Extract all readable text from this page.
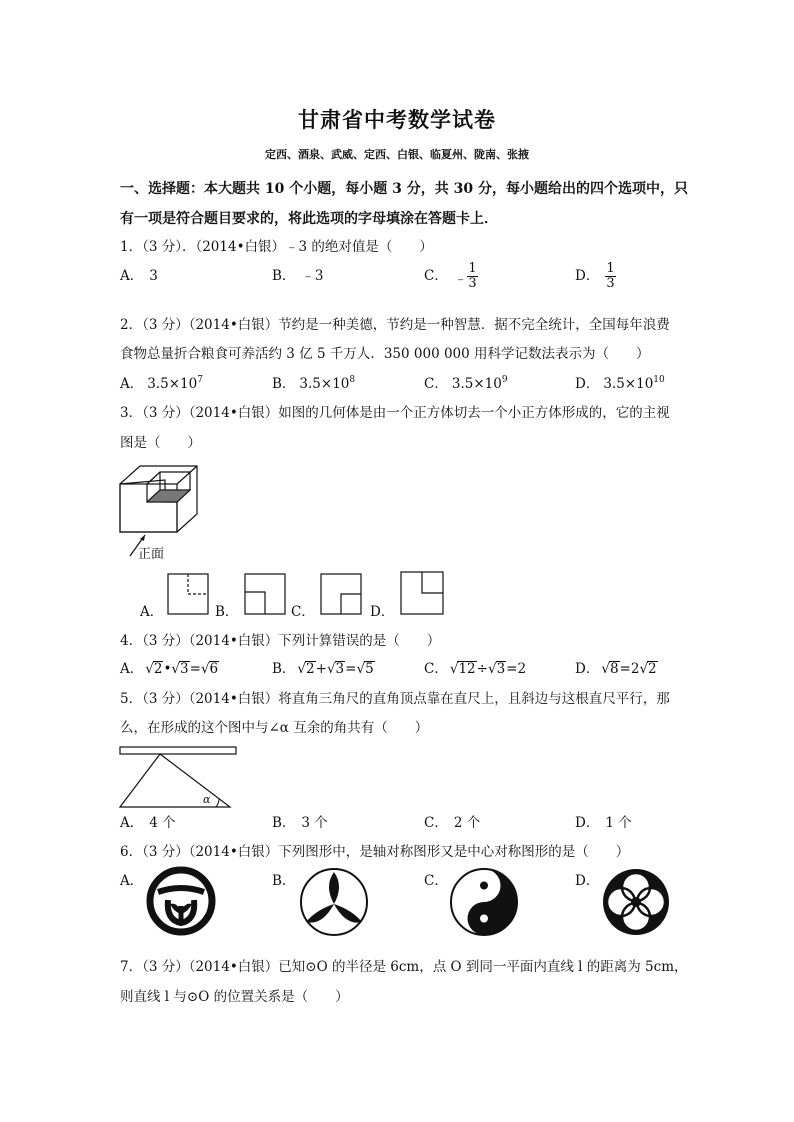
甘肃省中考数学试卷
定西、酒泉、武威、定西、白银、临夏州、陇南、张掖
一、选择题：本大题共 10 个小题，每小题 3 分，共 30 分，每小题给出的四个选项中，只
有一项是符合题目要求的，将此选项的字母填涂在答题卡上．
1．（3 分）．（2014•白银）﹣3 的绝对值是（　　）
A． 3	B． ﹣3	C． ﹣ $\frac{1}{3}$	D． $\frac{1}{3}$
2．（3 分）（2014•白银）节约是一种美德，节约是一种智慧．据不完全统计，全国每年浪费
食物总量折合粮食可养活约 3 亿 5 千万人．350 000 000 用科学记数法表示为（　　）
A． $3.5\times 10^7$	B． $3.5\times 10^8$	C． $3.5\times 10^9$	D． $3.5\times 10^{10}$
3．（3 分）（2014•白银）如图的几何体是由一个正方体切去一个小正方体形成的，它的主视
图是（　　）
正面
A．	B．	C．	D．
4．（3 分）（2014•白银）下列计算错误的是（　　）
A． √2•√3=√6	B． √2+√3=√5	C． √12÷√3=2	D． √8=2√2
5．（3 分）（2014•白银）将直角三角尺的直角顶点靠在直尺上，且斜边与这根直尺平行，那
么，在形成的这个图中与∠α 互余的角共有（　　）
α
A． 4 个	B． 3 个	C． 2 个	D． 1 个
6．（3 分）（2014•白银）下列图形中，是轴对称图形又是中心对称图形的是（　　）
A．	B．	C．	D．
7．（3 分）（2014•白银）已知⊙O 的半径是 6cm，点 O 到同一平面内直线 l 的距离为 5cm，
则直线 l 与⊙O 的位置关系是（　　）
